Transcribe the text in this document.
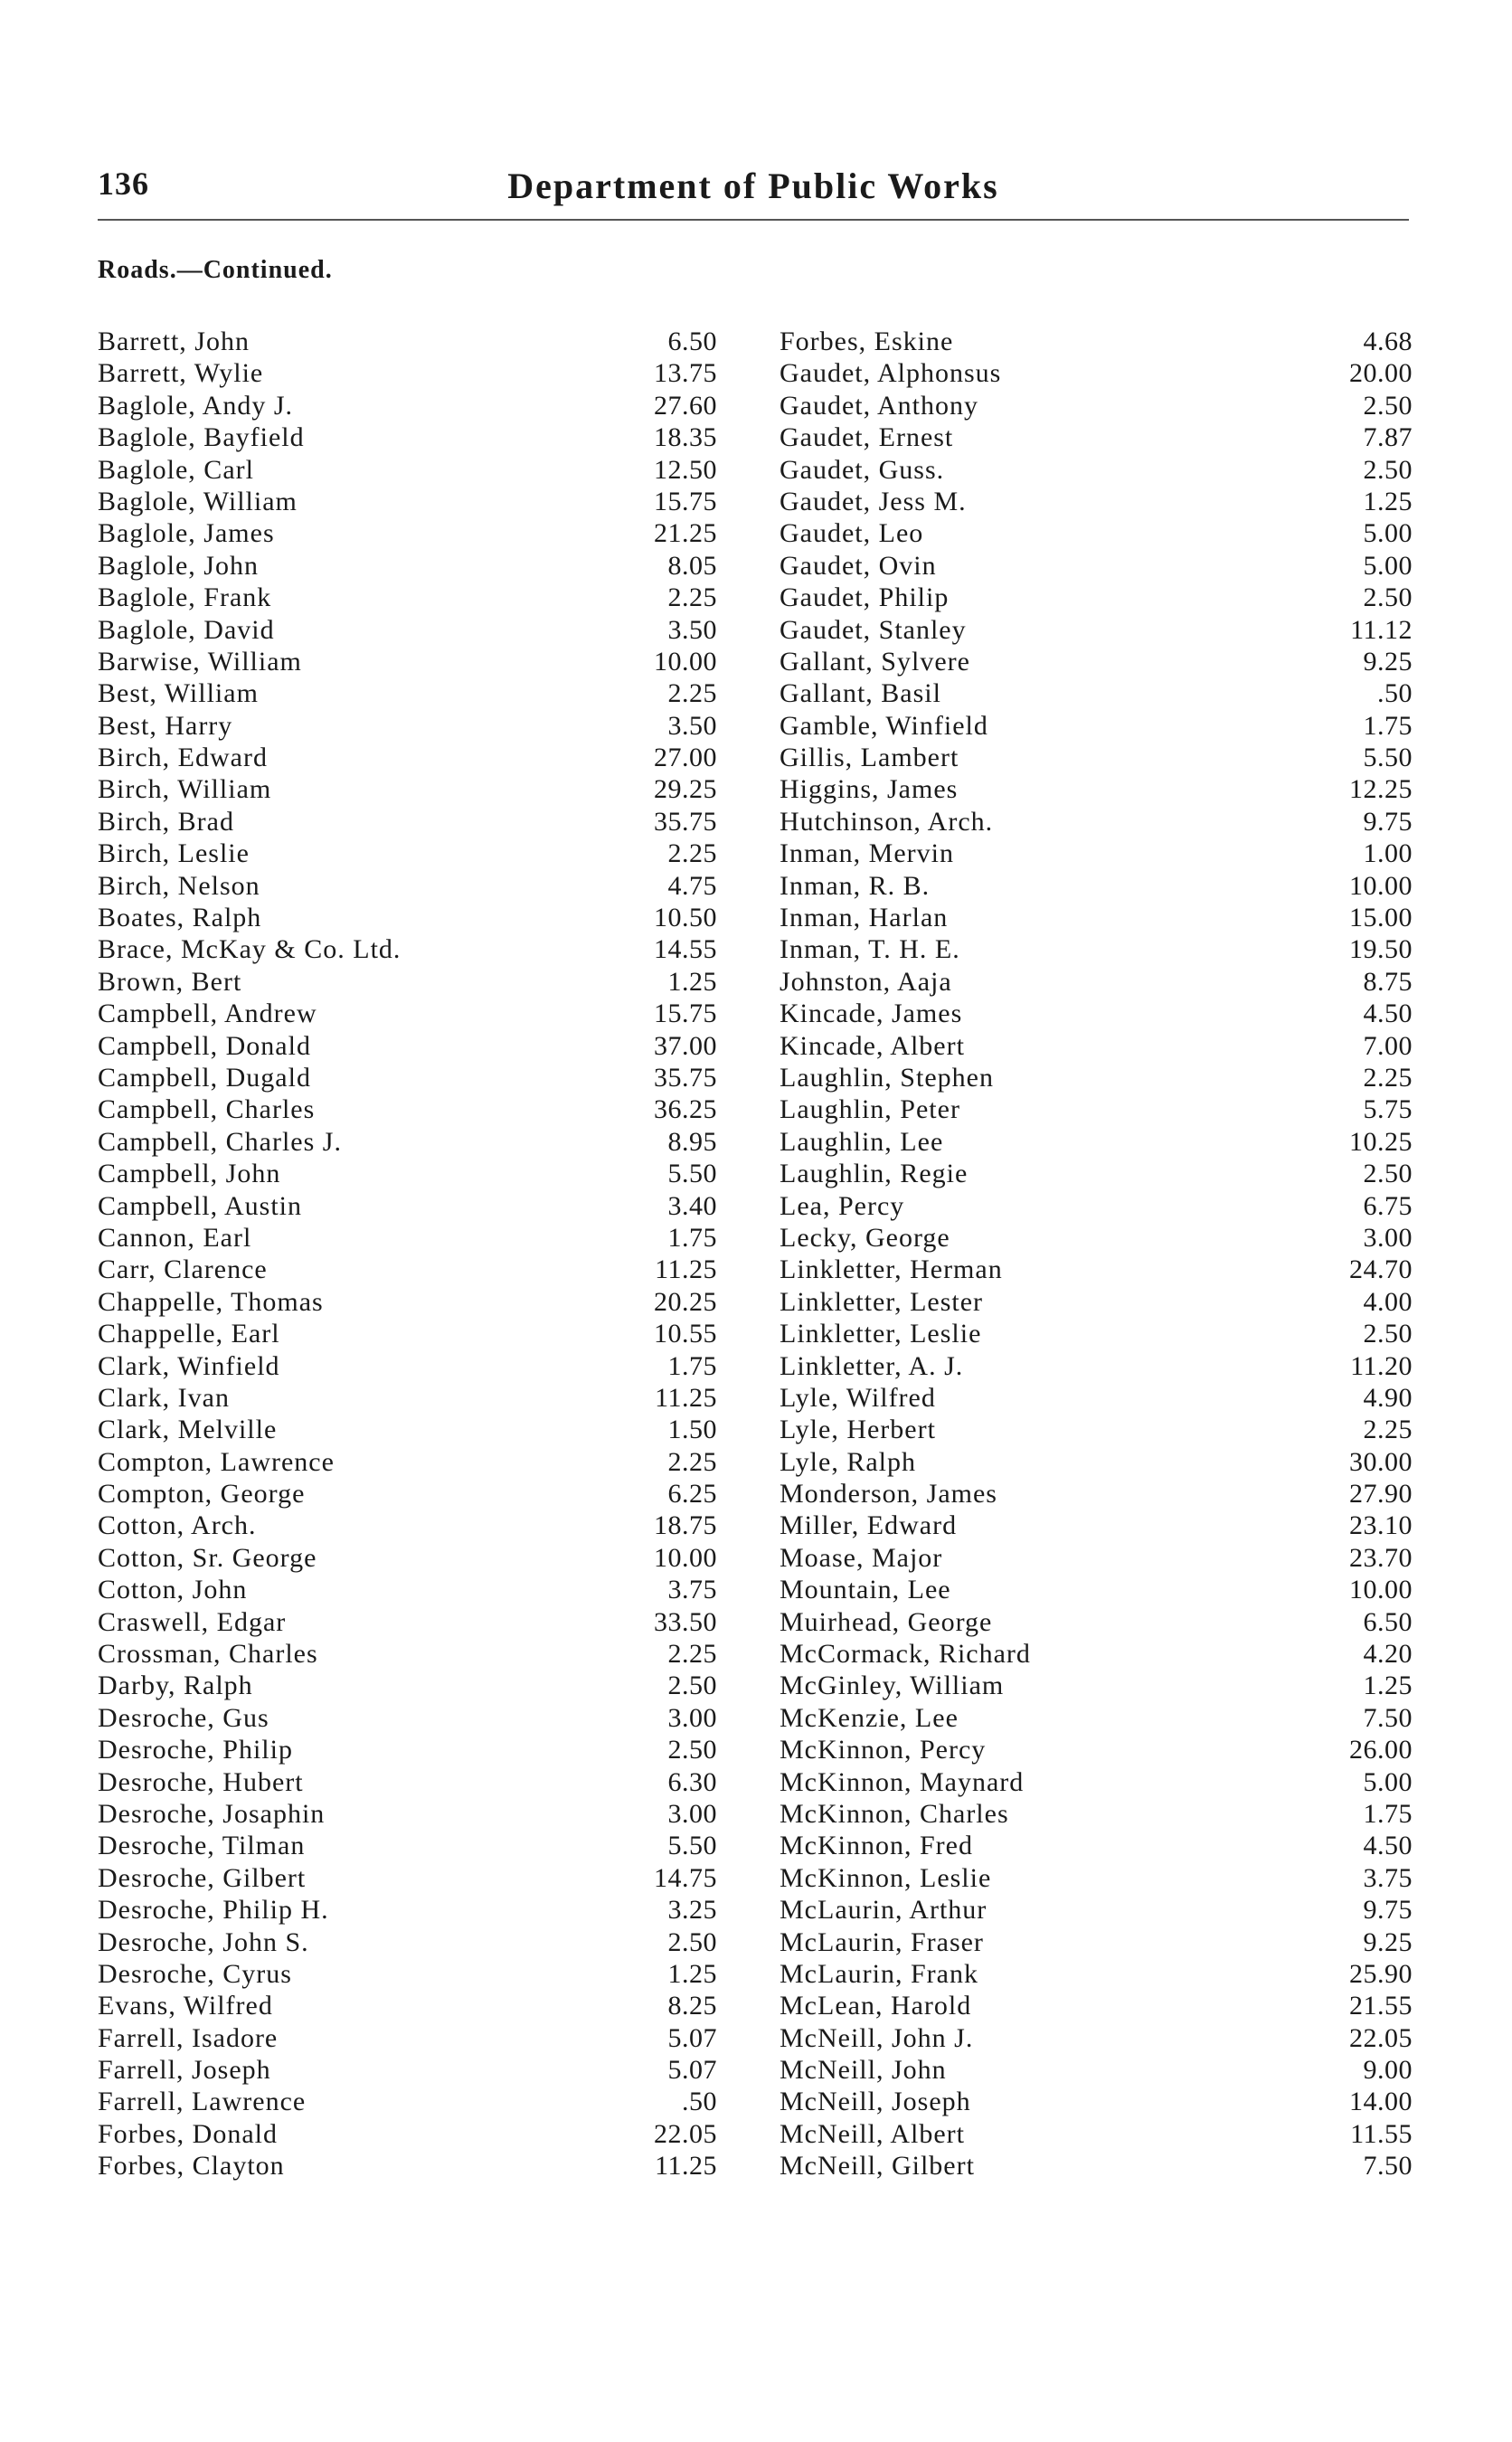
136	Department of Public Works
Roads.—Continued.
Barrett, John	6.50
Barrett, Wylie	13.75
Baglole, Andy J.	27.60
Baglole, Bayfield	18.35
Baglole, Carl	12.50
Baglole, William	15.75
Baglole, James	21.25
Baglole, John	8.05
Baglole, Frank	2.25
Baglole, David	3.50
Barwise, William	10.00
Best, William	2.25
Best, Harry	3.50
Birch, Edward	27.00
Birch, William	29.25
Birch, Brad	35.75
Birch, Leslie	2.25
Birch, Nelson	4.75
Boates, Ralph	10.50
Brace, McKay & Co. Ltd.	14.55
Brown, Bert	1.25
Campbell, Andrew	15.75
Campbell, Donald	37.00
Campbell, Dugald	35.75
Campbell, Charles	36.25
Campbell, Charles J.	8.95
Campbell, John	5.50
Campbell, Austin	3.40
Cannon, Earl	1.75
Carr, Clarence	11.25
Chappelle, Thomas	20.25
Chappelle, Earl	10.55
Clark, Winfield	1.75
Clark, Ivan	11.25
Clark, Melville	1.50
Compton, Lawrence	2.25
Compton, George	6.25
Cotton, Arch.	18.75
Cotton, Sr. George	10.00
Cotton, John	3.75
Craswell, Edgar	33.50
Crossman, Charles	2.25
Darby, Ralph	2.50
Desroche, Gus	3.00
Desroche, Philip	2.50
Desroche, Hubert	6.30
Desroche, Josaphin	3.00
Desroche, Tilman	5.50
Desroche, Gilbert	14.75
Desroche, Philip H.	3.25
Desroche, John S.	2.50
Desroche, Cyrus	1.25
Evans, Wilfred	8.25
Farrell, Isadore	5.07
Farrell, Joseph	5.07
Farrell, Lawrence	.50
Forbes, Donald	22.05
Forbes, Clayton	11.25
Forbes, Eskine	4.68
Gaudet, Alphonsus	20.00
Gaudet, Anthony	2.50
Gaudet, Ernest	7.87
Gaudet, Guss.	2.50
Gaudet, Jess M.	1.25
Gaudet, Leo	5.00
Gaudet, Ovin	5.00
Gaudet, Philip	2.50
Gaudet, Stanley	11.12
Gallant, Sylvere	9.25
Gallant, Basil	.50
Gamble, Winfield	1.75
Gillis, Lambert	5.50
Higgins, James	12.25
Hutchinson, Arch.	9.75
Inman, Mervin	1.00
Inman, R. B.	10.00
Inman, Harlan	15.00
Inman, T. H. E.	19.50
Johnston, Aaja	8.75
Kincade, James	4.50
Kincade, Albert	7.00
Laughlin, Stephen	2.25
Laughlin, Peter	5.75
Laughlin, Lee	10.25
Laughlin, Regie	2.50
Lea, Percy	6.75
Lecky, George	3.00
Linkletter, Herman	24.70
Linkletter, Lester	4.00
Linkletter, Leslie	2.50
Linkletter, A. J.	11.20
Lyle, Wilfred	4.90
Lyle, Herbert	2.25
Lyle, Ralph	30.00
Monderson, James	27.90
Miller, Edward	23.10
Moase, Major	23.70
Mountain, Lee	10.00
Muirhead, George	6.50
McCormack, Richard	4.20
McGinley, William	1.25
McKenzie, Lee	7.50
McKinnon, Percy	26.00
McKinnon, Maynard	5.00
McKinnon, Charles	1.75
McKinnon, Fred	4.50
McKinnon, Leslie	3.75
McLaurin, Arthur	9.75
McLaurin, Fraser	9.25
McLaurin, Frank	25.90
McLean, Harold	21.55
McNeill, John J.	22.05
McNeill, John	9.00
McNeill, Joseph	14.00
McNeill, Albert	11.55
McNeill, Gilbert	7.50
